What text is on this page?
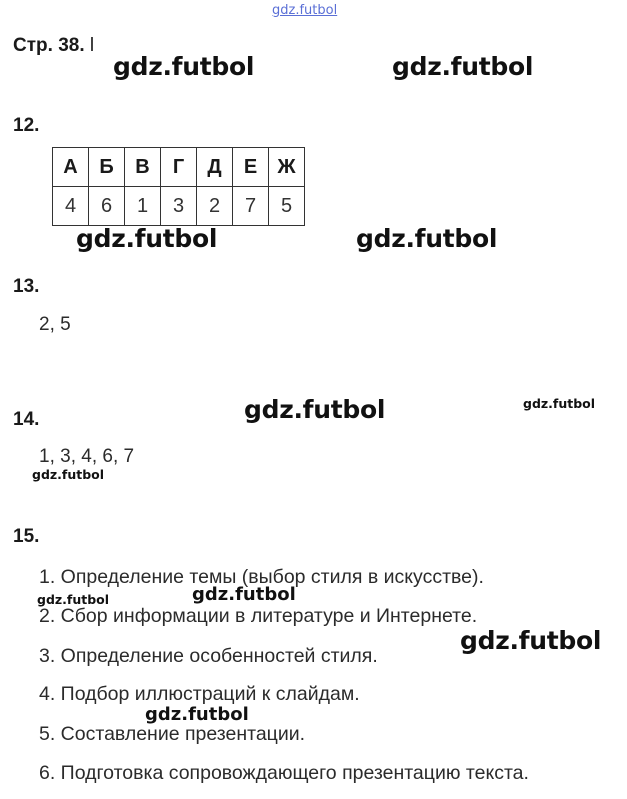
gdz.futbol
gdz.futbol	gdz.futbol
gdz.futbol	gdz.futbol
gdz.futbol	gdz.futbol
gdz.futbol
gdz.futbol	gdz.futbol
gdz.futbol
gdz.futbol
Стр. 38. l
12.
А	Б	В	Г	Д	Е	Ж
4	6	1	3	2	7	5
13.
2, 5
14.
1, 3, 4, 6, 7
15.
1. Определение темы (выбор стиля в искусстве).
2. Сбор информации в литературе и Интернете.
3. Определение особенностей стиля.
4. Подбор иллюстраций к слайдам.
5. Составление презентации.
6. Подготовка сопровождающего презентацию текста.
